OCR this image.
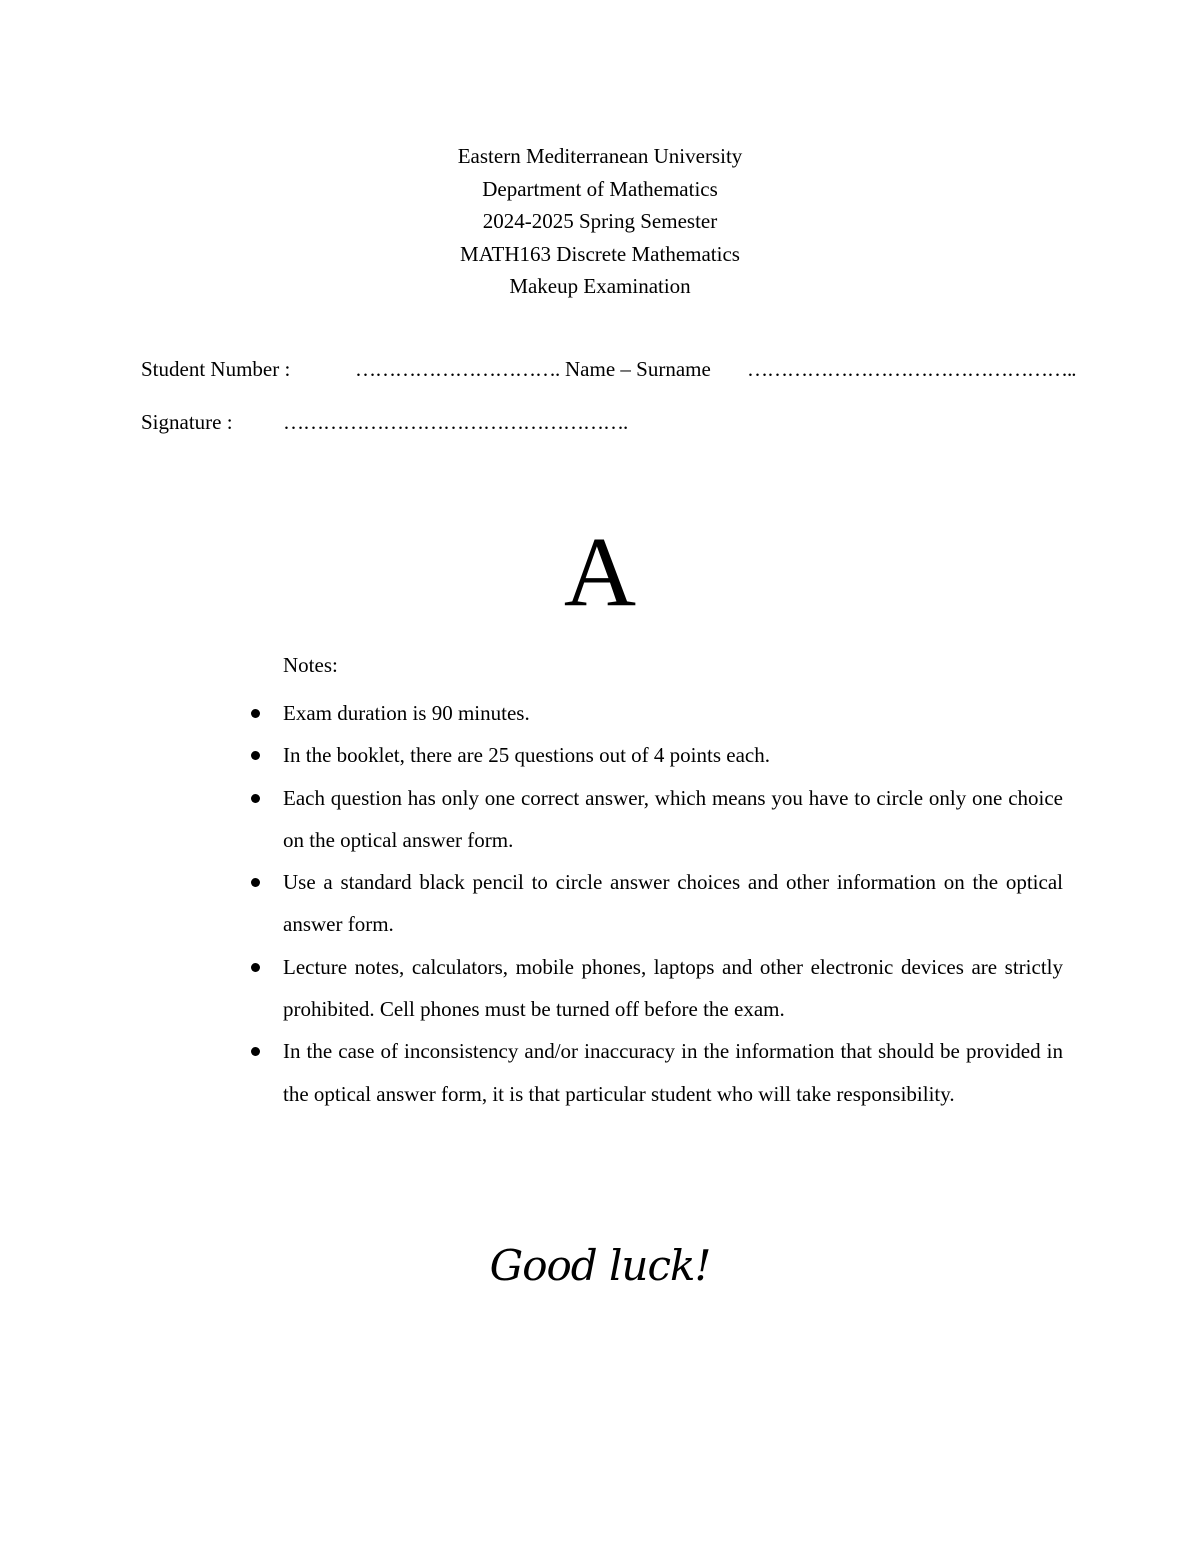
Eastern Mediterranean University
Department of Mathematics
2024-2025 Spring Semester
MATH163 Discrete Mathematics
Makeup Examination
Student Number :	…………………………. Name – Surname …………………………………………..
Signature : …………………………………………….
A
Notes:
Exam duration is 90 minutes.
In the booklet, there are 25 questions out of 4 points each.
Each question has only one correct answer, which means you have to circle only one choice on the optical answer form.
Use a standard black pencil to circle answer choices and other information on the optical answer form.
Lecture notes, calculators, mobile phones, laptops and other electronic devices are strictly prohibited. Cell phones must be turned off before the exam.
In the case of inconsistency and/or inaccuracy in the information that should be provided in the optical answer form, it is that particular student who will take responsibility.
Good luck!
